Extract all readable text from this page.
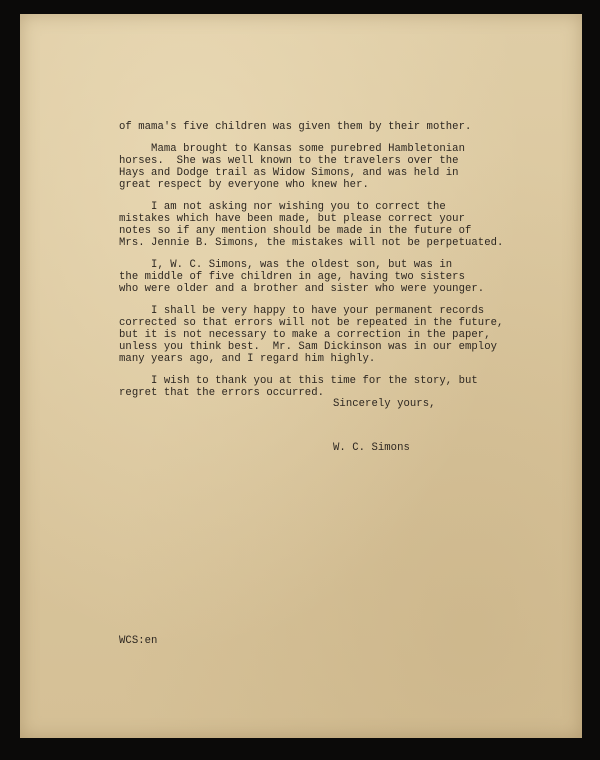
of mama's five children was given them by their mother.
Mama brought to Kansas some purebred Hambletonian
horses.  She was well known to the travelers over the
Hays and Dodge trail as Widow Simons, and was held in
great respect by everyone who knew her.
I am not asking nor wishing you to correct the
mistakes which have been made, but please correct your
notes so if any mention should be made in the future of
Mrs. Jennie B. Simons, the mistakes will not be perpetuated.
I, W. C. Simons, was the oldest son, but was in
the middle of five children in age, having two sisters
who were older and a brother and sister who were younger.
I shall be very happy to have your permanent records
corrected so that errors will not be repeated in the future,
but it is not necessary to make a correction in the paper,
unless you think best.  Mr. Sam Dickinson was in our employ
many years ago, and I regard him highly.
I wish to thank you at this time for the story, but
regret that the errors occurred.
Sincerely yours,
W. C. Simons
WCS:en
